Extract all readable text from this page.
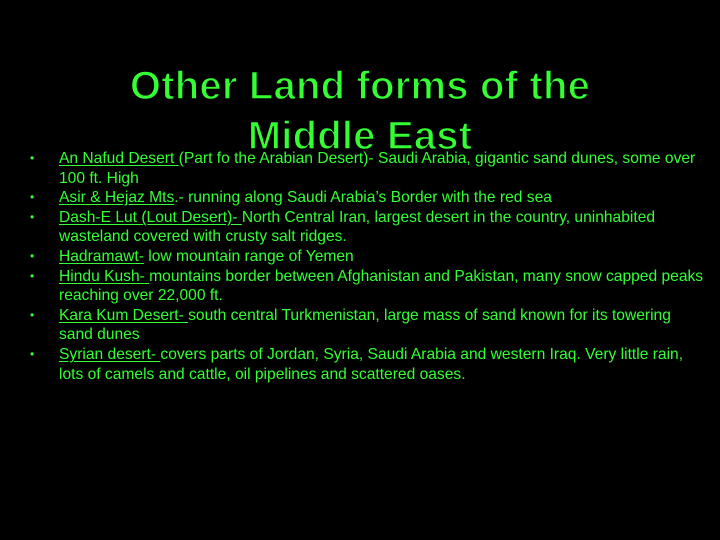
Other Land forms of the
Middle East
•	An Nafud Desert (Part fo the Arabian Desert)- Saudi Arabia, gigantic sand dunes, some over 100 ft. High
•	Asir & Hejaz Mts.- running along Saudi Arabia’s Border with the red sea
•	Dash-E Lut (Lout Desert)- North Central Iran, largest desert in the country, uninhabited wasteland covered with crusty salt ridges.
•	Hadramawt- low mountain range of Yemen
•	Hindu Kush- mountains border between Afghanistan and Pakistan, many snow capped peaks reaching over 22,000 ft.
•	Kara Kum Desert- south central Turkmenistan, large mass of sand known for its towering sand dunes
•	Syrian desert- covers parts of Jordan, Syria, Saudi Arabia and western Iraq. Very little rain, lots of camels and cattle, oil pipelines and scattered oases.
